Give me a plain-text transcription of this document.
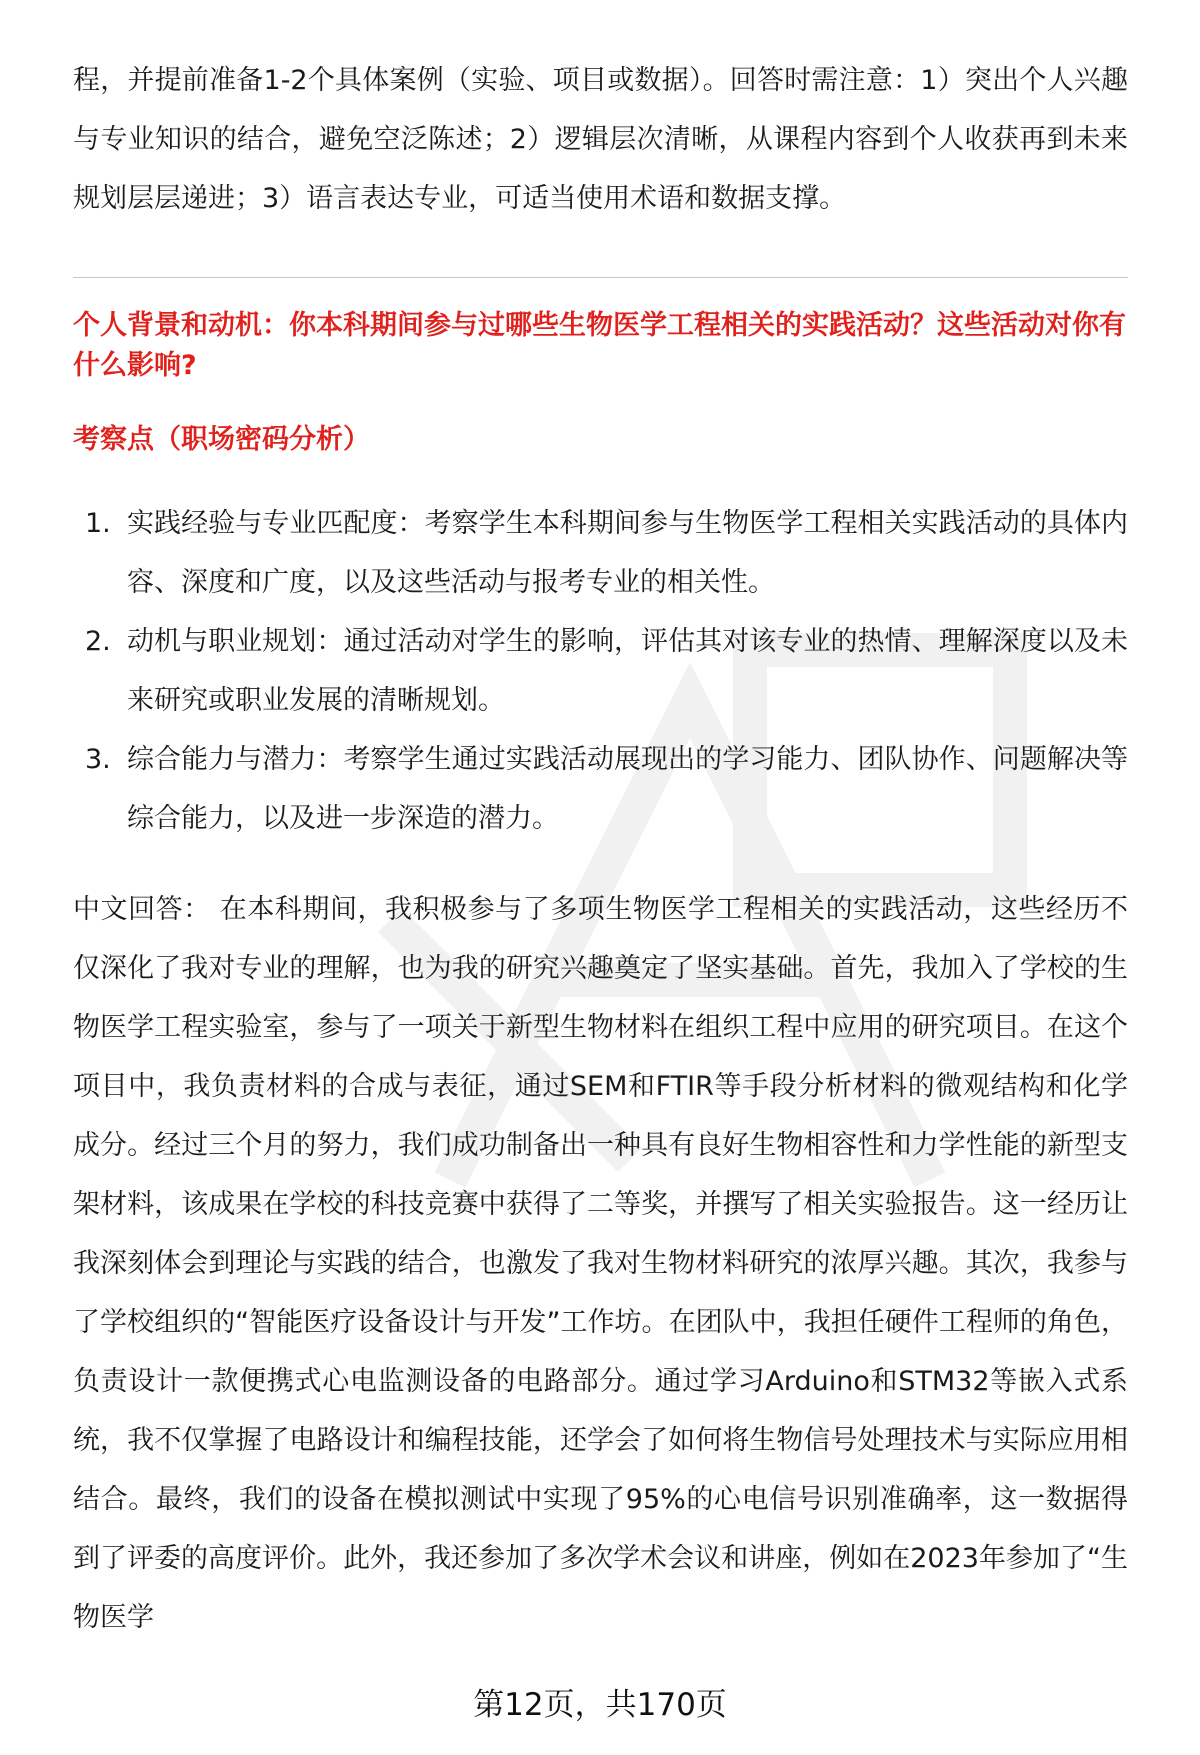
程，并提前准备1-2个具体案例（实验、项目或数据）。回答时需注意：1）突出个人兴趣与专业知识的结合，避免空泛陈述；2）逻辑层次清晰，从课程内容到个人收获再到未来规划层层递进；3）语言表达专业，可适当使用术语和数据支撑。

个人背景和动机：你本科期间参与过哪些生物医学工程相关的实践活动？这些活动对你有什么影响?

考察点（职场密码分析）

1. 实践经验与专业匹配度：考察学生本科期间参与生物医学工程相关实践活动的具体内容、深度和广度，以及这些活动与报考专业的相关性。
2. 动机与职业规划：通过活动对学生的影响，评估其对该专业的热情、理解深度以及未来研究或职业发展的清晰规划。
3. 综合能力与潜力：考察学生通过实践活动展现出的学习能力、团队协作、问题解决等综合能力，以及进一步深造的潜力。

中文回答： 在本科期间，我积极参与了多项生物医学工程相关的实践活动，这些经历不仅深化了我对专业的理解，也为我的研究兴趣奠定了坚实基础。首先，我加入了学校的生物医学工程实验室，参与了一项关于新型生物材料在组织工程中应用的研究项目。在这个项目中，我负责材料的合成与表征，通过SEM和FTIR等手段分析材料的微观结构和化学成分。经过三个月的努力，我们成功制备出一种具有良好生物相容性和力学性能的新型支架材料，该成果在学校的科技竞赛中获得了二等奖，并撰写了相关实验报告。这一经历让我深刻体会到理论与实践的结合，也激发了我对生物材料研究的浓厚兴趣。其次，我参与了学校组织的“智能医疗设备设计与开发”工作坊。在团队中，我担任硬件工程师的角色，负责设计一款便携式心电监测设备的电路部分。通过学习Arduino和STM32等嵌入式系统，我不仅掌握了电路设计和编程技能，还学会了如何将生物信号处理技术与实际应用相结合。最终，我们的设备在模拟测试中实现了95%的心电信号识别准确率，这一数据得到了评委的高度评价。此外，我还参加了多次学术会议和讲座，例如在2023年参加了“生物医学

第12页，共170页
